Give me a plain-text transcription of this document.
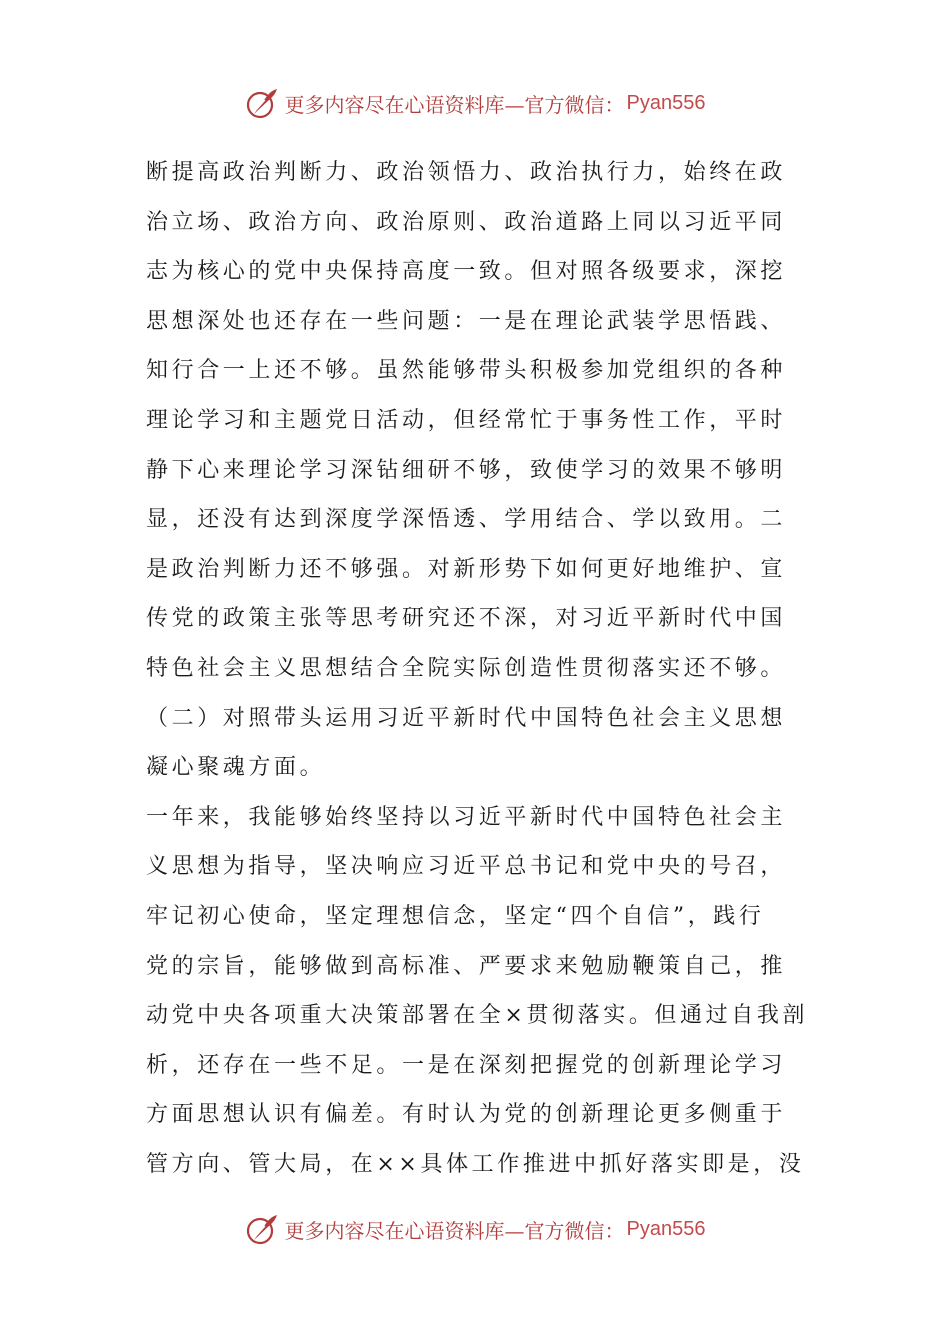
更多内容尽在心语资料库—官方微信： Pyan556
断提高政治判断力、政治领悟力、政治执行力，始终在政
治立场、政治方向、政治原则、政治道路上同以习近平同
志为核心的党中央保持高度一致。但对照各级要求，深挖
思想深处也还存在一些问题：一是在理论武装学思悟践、
知行合一上还不够。虽然能够带头积极参加党组织的各种
理论学习和主题党日活动，但经常忙于事务性工作，平时
静下心来理论学习深钻细研不够，致使学习的效果不够明
显，还没有达到深度学深悟透、学用结合、学以致用。二
是政治判断力还不够强。对新形势下如何更好地维护、宣
传党的政策主张等思考研究还不深，对习近平新时代中国
特色社会主义思想结合全院实际创造性贯彻落实还不够。
（二）对照带头运用习近平新时代中国特色社会主义思想
凝心聚魂方面。
一年来，我能够始终坚持以习近平新时代中国特色社会主
义思想为指导，坚决响应习近平总书记和党中央的号召，
牢记初心使命，坚定理想信念，坚定“四个自信”，践行
党的宗旨，能够做到高标准、严要求来勉励鞭策自己，推
动党中央各项重大决策部署在全×贯彻落实。但通过自我剖
析，还存在一些不足。一是在深刻把握党的创新理论学习
方面思想认识有偏差。有时认为党的创新理论更多侧重于
管方向、管大局，在××具体工作推进中抓好落实即是，没
更多内容尽在心语资料库—官方微信： Pyan556
